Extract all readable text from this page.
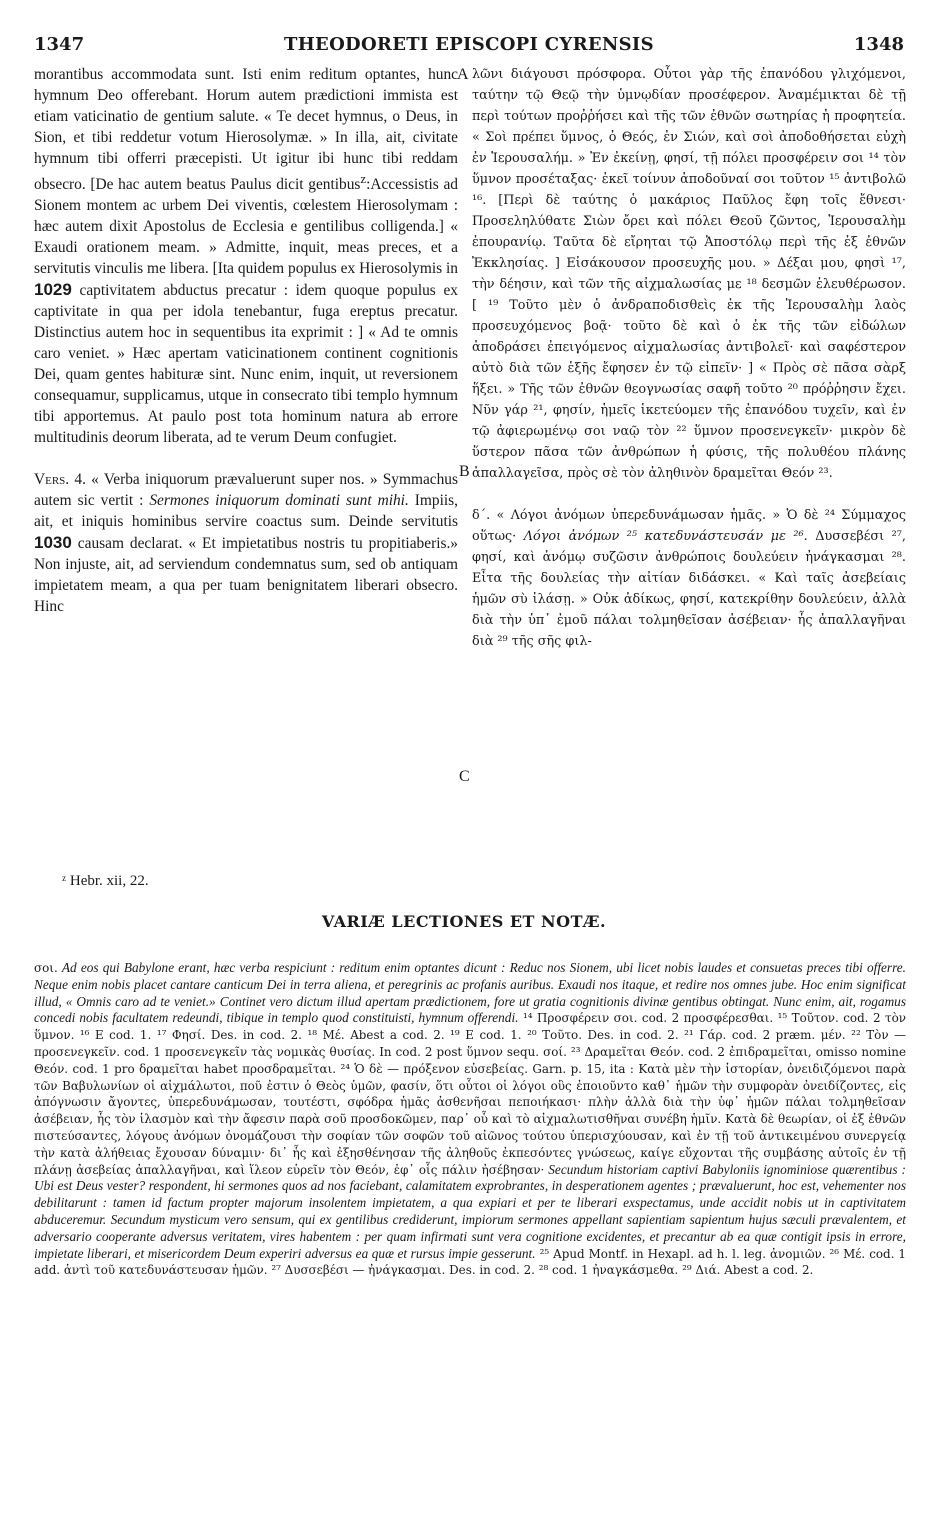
1347	THEODORETI EPISCOPI CYRENSIS	1348
A
B
C

morantibus accommodata sunt. Isti enim reditum optantes, hunc hymnum Deo offerebant. Horum autem prædictioni immista est etiam vaticinatio de gentium salute. « Te decet hymnus, o Deus, in Sion, et tibi reddetur votum Hierosolymæ. » In illa, ait, civitate hymnum tibi offerri præcepisti. Ut igitur ibi hunc tibi reddam obsecro. [De hac autem beatus Paulus dicit gentibus$^z$:Accessistis ad Sionem montem ac urbem Dei viventis, cœlestem Hierosolymam : hæc autem dixit Apostolus de Ecclesia e gentilibus colligenda.] « Exaudi orationem meam. » Admitte, inquit, meas preces, et a servitutis vinculis me libera. [Ita quidem populus ex Hierosolymis in 1029 captivitatem abductus precatur : idem quoque populus ex captivitate in qua per idola tenebantur, fuga ereptus precatur. Distinctius autem hoc in sequentibus ita exprimit : ] « Ad te omnis caro veniet. » Hæc apertam vaticinationem continent cognitionis Dei, quam gentes habituræ sint. Nunc enim, inquit, ut reversionem consequamur, supplicamus, utque in consecrato tibi templo hymnum tibi apportemus. At paulo post tota hominum natura ab errore multitudinis deorum liberata, ad te verum Deum confugiet.

Vers. 4. « Verba iniquorum prævaluerunt super nos. » Symmachus autem sic vertit : Sermones iniquorum dominati sunt mihi. Impiis, ait, et iniquis hominibus servire coactus sum. Deinde servitutis 1030 causam declarat. « Et impietatibus nostris tu propitiaberis.» Non injuste, ait, ad serviendum condemnatus sum, sed ob antiquam impietatem meam, a qua per tuam benignitatem liberari obsecro. Hinc

λῶνι διάγουσι πρόσφορα. Οὗτοι γὰρ τῆς ἐπανόδου γλιχόμενοι, ταύτην τῷ Θεῷ τὴν ὑμνῳδίαν προσέφερον. Ἀναμέμικται δὲ τῇ περὶ τούτων προῤῥήσει καὶ τῆς τῶν ἐθνῶν σωτηρίας ἡ προφητεία. « Σοὶ πρέπει ὕμνος, ὁ Θεός, ἐν Σιών, καὶ σοὶ ἀποδοθήσεται εὐχὴ ἐν Ἱερουσαλήμ. » Ἐν ἐκείνῃ, φησί, τῇ πόλει προσφέρειν σοι ¹⁴ τὸν ὕμνον προσέταξας· ἐκεῖ τοίνυν ἀποδοῦναί σοι τοῦτον ¹⁵ ἀντιβολῶ ¹⁶. [Περὶ δὲ ταύτης ὁ μακάριος Παῦλος ἔφη τοῖς ἔθνεσι· Προσεληλύθατε Σιὼν ὄρει καὶ πόλει Θεοῦ ζῶντος, Ἱερουσαλὴμ ἐπουρανίῳ. Ταῦτα δὲ εἴρηται τῷ Ἀποστόλῳ περὶ τῆς ἐξ ἐθνῶν Ἐκκλησίας. ] Εἰσάκουσον προσευχῆς μου. » Δέξαι μου, φησὶ ¹⁷, τὴν δέησιν, καὶ τῶν τῆς αἰχμαλωσίας με ¹⁸ δεσμῶν ἐλευθέρωσον. [ ¹⁹ Τοῦτο μὲν ὁ ἀνδραποδισθεὶς ἐκ τῆς Ἱερουσαλὴμ λαὸς προσευχόμενος βοᾷ· τοῦτο δὲ καὶ ὁ ἐκ τῆς τῶν εἰδώλων ἀποδράσει ἐπειγόμενος αἰχμαλωσίας ἀντιβολεῖ· καὶ σαφέστερον αὐτὸ διὰ τῶν ἑξῆς ἔφησεν ἐν τῷ εἰπεῖν· ] « Πρὸς σὲ πᾶσα σὰρξ ἥξει. » Τῆς τῶν ἐθνῶν θεογνωσίας σαφῆ τοῦτο ²⁰ πρόῤῥησιν ἔχει. Νῦν γάρ ²¹, φησίν, ἡμεῖς ἱκετεύομεν τῆς ἐπανόδου τυχεῖν, καὶ ἐν τῷ ἀφιερωμένῳ σοι ναῷ τὸν ²² ὕμνον προσενεγκεῖν· μικρὸν δὲ ὕστερον πᾶσα τῶν ἀνθρώπων ἡ φύσις, τῆς πολυθέου πλάνης ἀπαλλαγεῖσα, πρὸς σὲ τὸν ἀληθινὸν δραμεῖται Θεόν ²³.

δ΄. « Λόγοι ἀνόμων ὑπερεδυνάμωσαν ἡμᾶς. » Ὁ δὲ ²⁴ Σύμμαχος οὕτως· Λόγοι ἀνόμων ²⁵ κατεδυνάστευσάν με ²⁶. Δυσσεβέσι ²⁷, φησί, καὶ ἀνόμῳ συζῶσιν ἀνθρώποις δουλεύειν ἠνάγκασμαι ²⁸. Εἶτα τῆς δουλείας τὴν αἰτίαν διδάσκει. « Καὶ ταῖς ἀσεβείαις ἡμῶν σὺ ἱλάσῃ. » Οὐκ ἀδίκως, φησί, κατεκρίθην δουλεύειν, ἀλλὰ διὰ τὴν ὑπ᾽ ἐμοῦ πάλαι τολμηθεῖσαν ἀσέβειαν· ἧς ἀπαλλαγῆναι διὰ ²⁹ τῆς σῆς φιλ-

ᶻ Hebr. xii, 22.
VARIÆ LECTIONES ET NOTÆ.
σοι. Ad eos qui Babylone erant, hæc verba respiciunt : reditum enim optantes dicunt : Reduc nos Sionem, ubi licet nobis laudes et consuetas preces tibi offerre. Neque enim nobis placet cantare canticum Dei in terra aliena, et peregrinis ac profanis auribus. Exaudi nos itaque, et redire nos omnes jube. Hoc enim significat illud, « Omnis caro ad te veniet.» Continet vero dictum illud apertam prædictionem, fore ut gratia cognitionis divinæ gentibus obtingat. Nunc enim, ait, rogamus concedi nobis facultatem redeundi, tibique in templo quod constituisti, hymnum offerendi. ¹⁴ Προσφέρειν σοι. cod. 2 προσφέρεσθαι. ¹⁵ Τοῦτον. cod. 2 τὸν ὕμνον. ¹⁶ E cod. 1. ¹⁷ Φησί. Des. in cod. 2. ¹⁸ Μέ. Abest a cod. 2. ¹⁹ E cod. 1. ²⁰ Τοῦτο. Des. in cod. 2. ²¹ Γάρ. cod. 2 præm. μέν. ²² Τὸν — προσενεγκεῖν. cod. 1 προσενεγκεῖν τὰς νομικὰς θυσίας. In cod. 2 post ὕμνον sequ. σοί. ²³ Δραμεῖται Θεόν. cod. 2 ἐπιδραμεῖται, omisso nomine Θεόν. cod. 1 pro δραμεῖται habet προσδραμεῖται. ²⁴ Ὁ δὲ — πρόξενον εὐσεβείας. Garn. p. 15, ita : Κατὰ μὲν τὴν ἱστορίαν, ὀνειδιζόμενοι παρὰ τῶν Βαβυλωνίων οἱ αἰχμάλωτοι, ποῦ ἐστιν ὁ Θεὸς ὑμῶν, φασίν, ὅτι οὗτοι οἱ λόγοι οὓς ἐποιοῦντο καθ᾽ ἡμῶν τὴν συμφορὰν ὀνειδίζοντες, εἰς ἀπόγνωσιν ἄγοντες, ὑπερεδυνάμωσαν, τουτέστι, σφόδρα ἡμᾶς ἀσθενῆσαι πεποιήκασι· πλὴν ἀλλὰ διὰ τὴν ὑφ᾽ ἡμῶν πάλαι τολμηθεῖσαν ἀσέβειαν, ἧς τὸν ἱλασμὸν καὶ τὴν ἄφεσιν παρὰ σοῦ προσδοκῶμεν, παρ᾽ οὗ καὶ τὸ αἰχμαλωτισθῆναι συνέβη ἡμῖν. Κατὰ δὲ θεωρίαν, οἱ ἐξ ἐθνῶν πιστεύσαντες, λόγους ἀνόμων ὀνομάζουσι τὴν σοφίαν τῶν σοφῶν τοῦ αἰῶνος τούτου ὑπερισχύουσαν, καὶ ἐν τῇ τοῦ ἀντικειμένου συνεργείᾳ τὴν κατὰ ἀλήθειας ἔχουσαν δύναμιν· δι᾽ ἧς καὶ ἐξησθένησαν τῆς ἀληθοῦς ἐκπεσόντες γνώσεως, καίγε εὔχονται τῆς συμβάσης αὐτοῖς ἐν τῇ πλάνῃ ἀσεβείας ἀπαλλαγῆναι, καὶ ἵλεον εὑρεῖν τὸν Θεόν, ἐφ᾽ οἷς πάλιν ἠσέβησαν· Secundum historiam captivi Babyloniis ignominiose quærentibus : Ubi est Deus vester? respondent, hi sermones quos ad nos faciebant, calamitatem exprobrantes, in desperationem agentes ; prævaluerunt, hoc est, vehementer nos debilitarunt : tamen id factum propter majorum insolentem impietatem, a qua expiari et per te liberari exspectamus, unde accidit nobis ut in captivitatem abduceremur. Secundum mysticum vero sensum, qui ex gentilibus crediderunt, impiorum sermones appellant sapientiam sapientum hujus sæculi prævalentem, et adversario cooperante adversus veritatem, vires habentem : per quam infirmati sunt vera cognitione excidentes, et precantur ab ea quæ contigit ipsis in errore, impietate liberari, et misericordem Deum experiri adversus ea quæ et rursus impie gesserunt. ²⁵ Apud Montf. in Hexapl. ad h. l. leg. ἀνομιῶν. ²⁶ Μέ. cod. 1 add. ἀντὶ τοῦ κατεδυνάστευσαν ἡμῶν. ²⁷ Δυσσεβέσι — ἠνάγκασμαι. Des. in cod. 2. ²⁸ cod. 1 ἠναγκάσμεθα. ²⁹ Διά. Abest a cod. 2.
